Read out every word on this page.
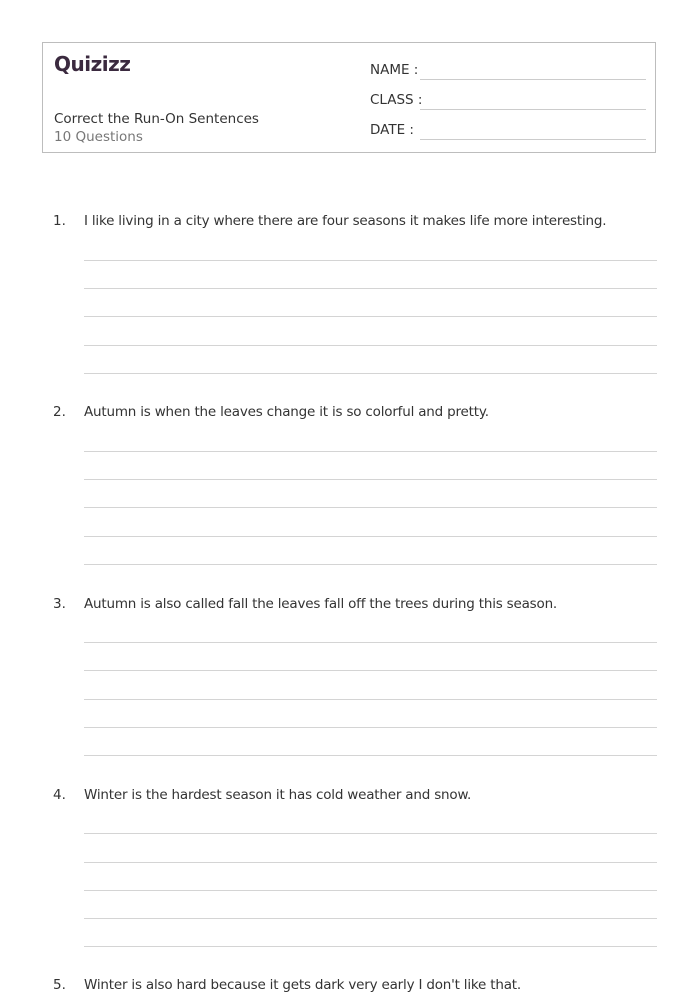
Quizizz
Correct the Run-On Sentences
10 Questions
NAME :
CLASS :
DATE :
1. I like living in a city where there are four seasons it makes life more interesting.
2. Autumn is when the leaves change it is so colorful and pretty.
3. Autumn is also called fall the leaves fall off the trees during this season.
4. Winter is the hardest season it has cold weather and snow.
5. Winter is also hard because it gets dark very early I don't like that.
